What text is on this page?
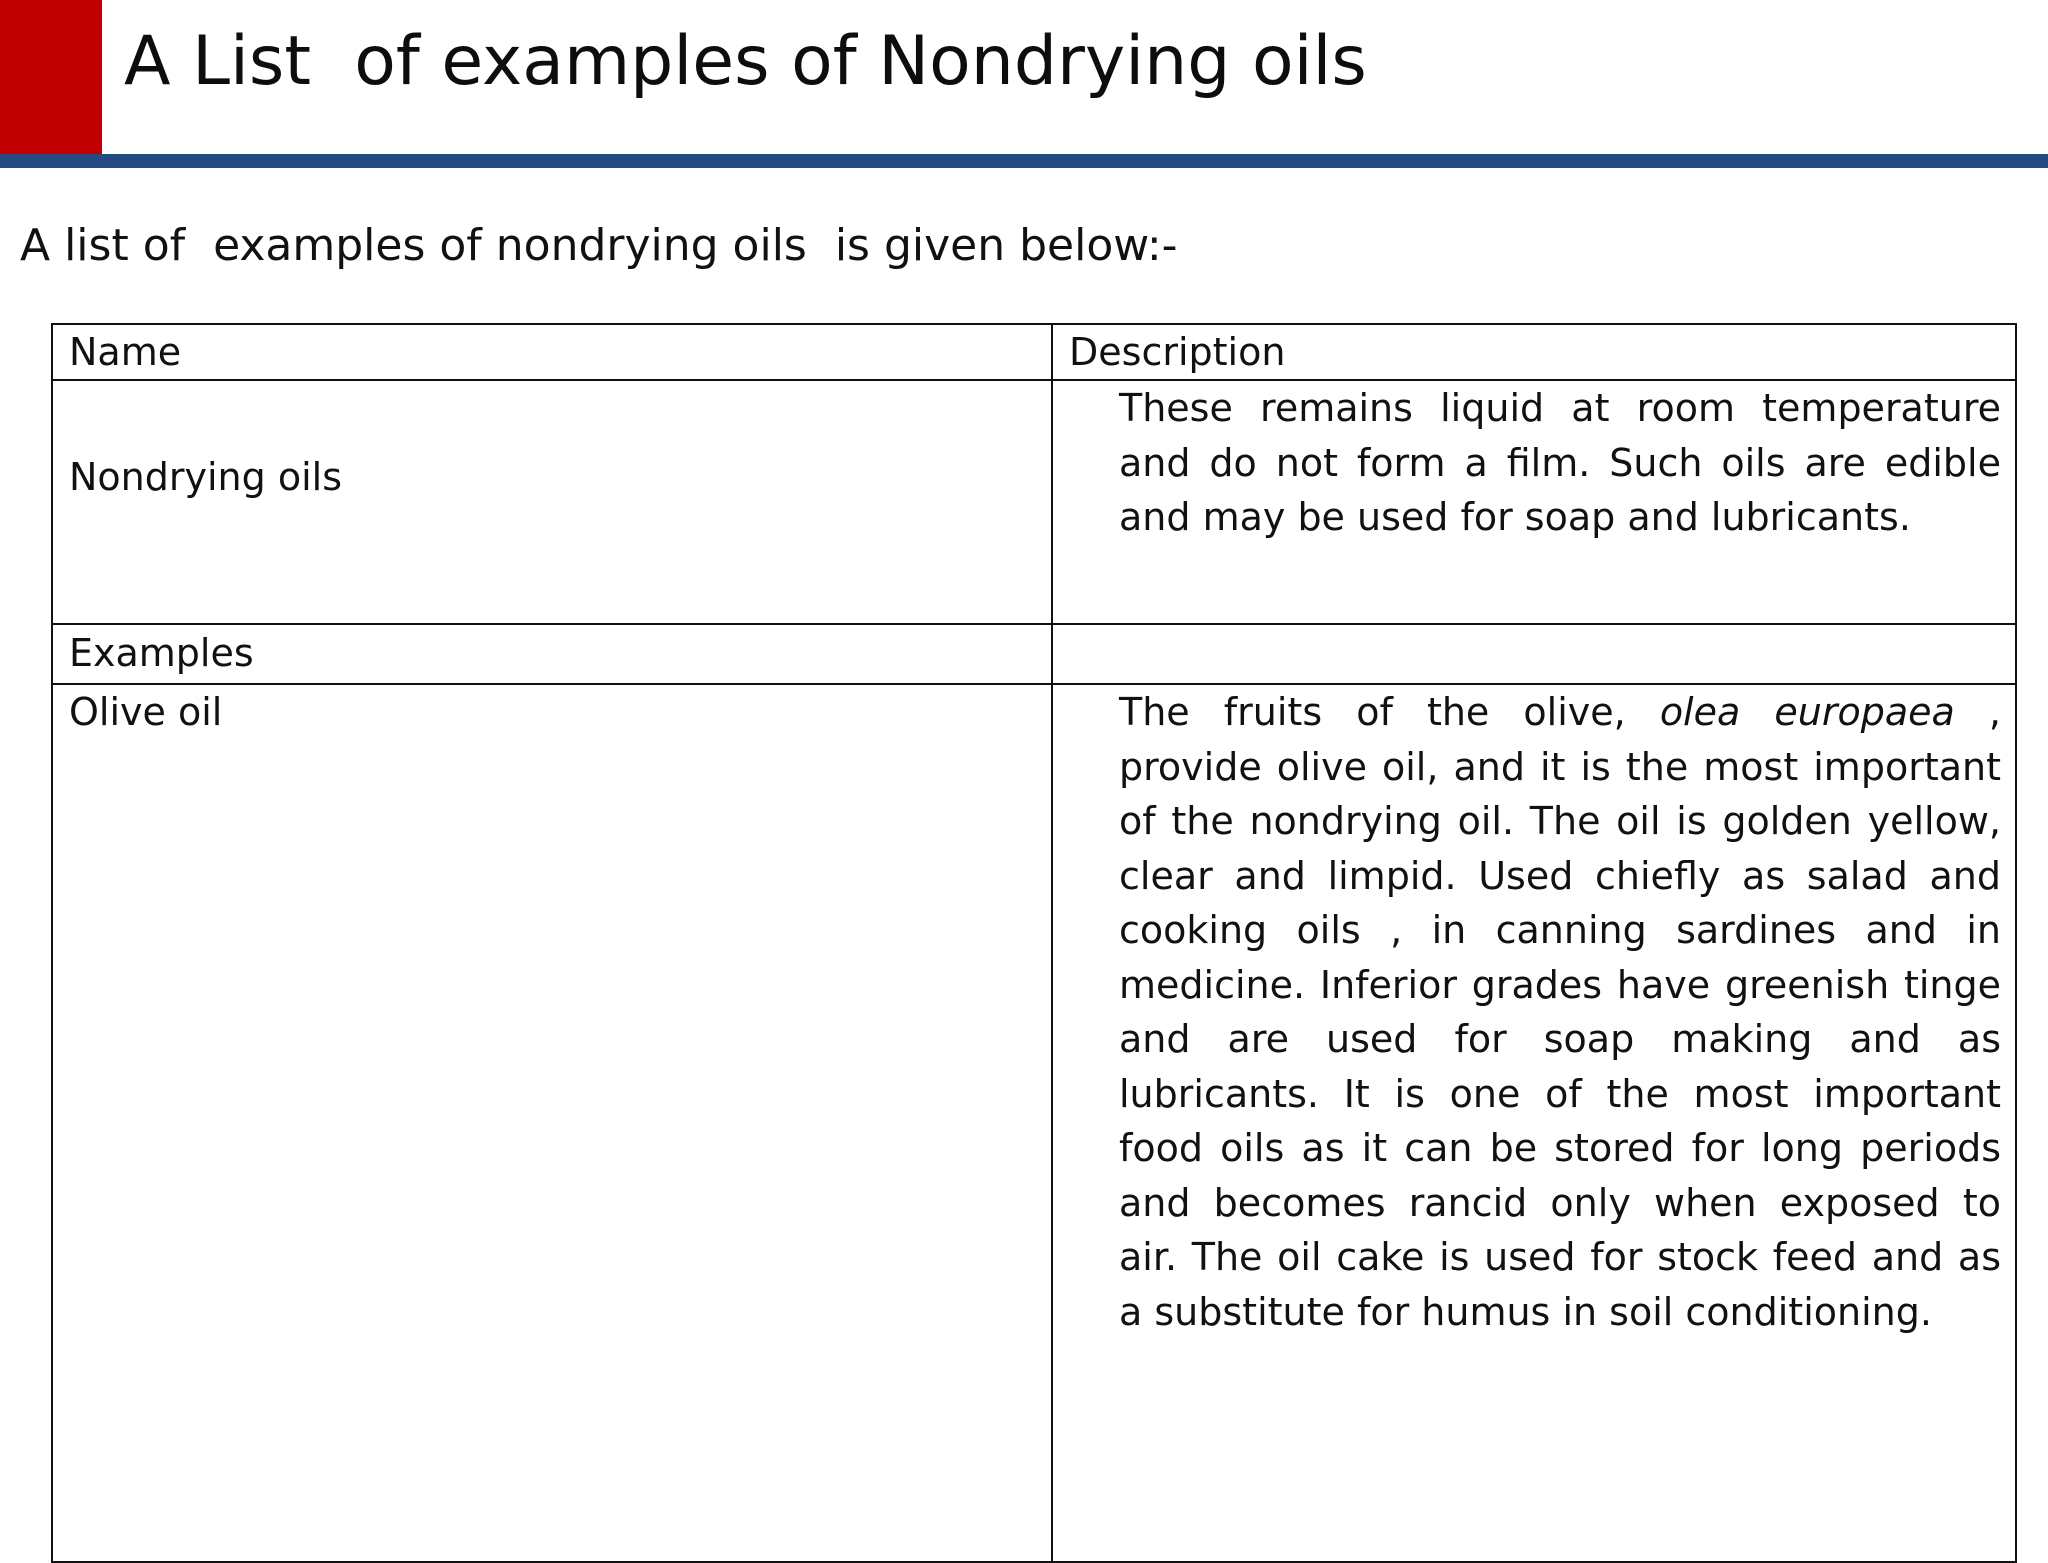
A List  of examples of Nondrying oils

A list of  examples of nondrying oils  is given below:-

Name	Description
Nondrying oils	These remains liquid at room temperature and do not form a film. Such oils are edible and may be used for soap and lubricants.
Examples	
Olive oil	The fruits of the olive, olea europaea , provide olive oil, and it is the most important of the nondrying oil. The oil is golden yellow, clear and limpid. Used chiefly as salad and cooking oils , in canning sardines and in medicine. Inferior grades have greenish tinge and are used for soap making and as lubricants. It is one of the most important food oils as it can be stored for long periods and becomes rancid only when exposed to air. The oil cake is used for stock feed and as a substitute for humus in soil conditioning.
